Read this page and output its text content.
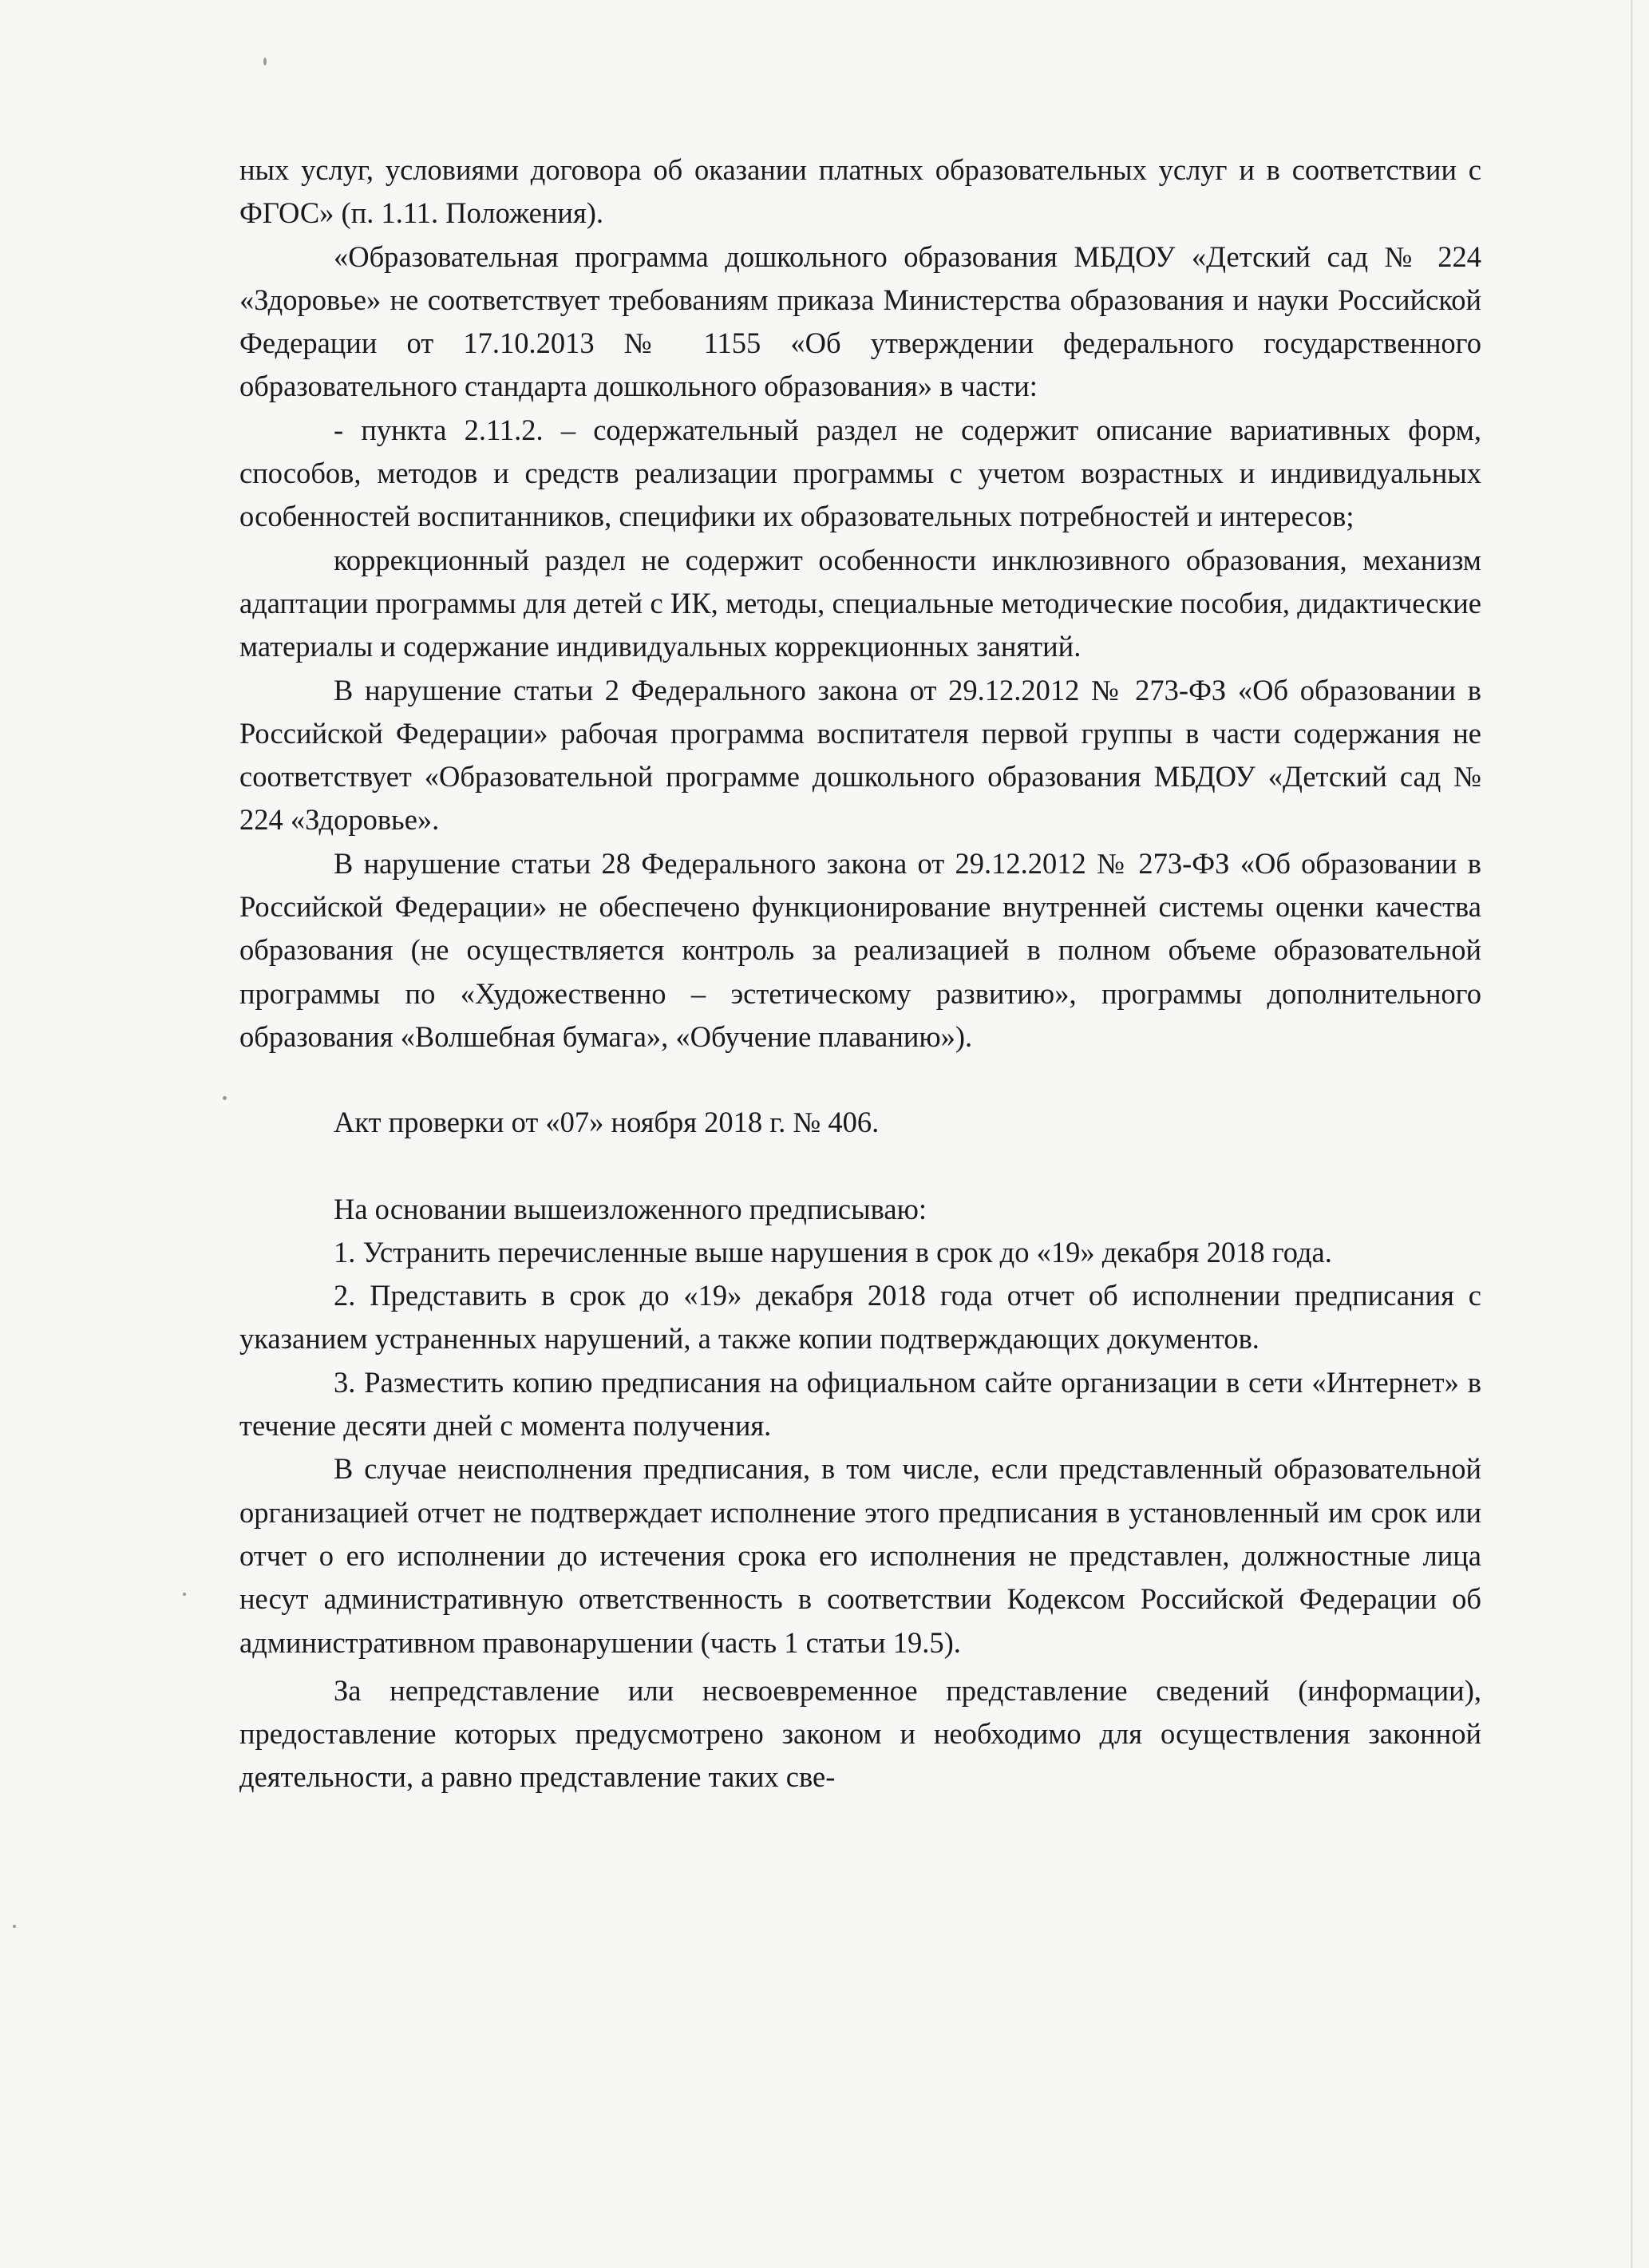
ных услуг, условиями договора об оказании платных образовательных услуг и в соответствии с ФГОС» (п. 1.11. Положения).

«Образовательная программа дошкольного образования МБДОУ «Детский сад № 224 «Здоровье» не соответствует требованиям приказа Министерства образования и науки Российской Федерации от 17.10.2013 № 1155 «Об утверждении федерального государственного образовательного стандарта дошкольного образования» в части:

- пункта 2.11.2. – содержательный раздел не содержит описание вариативных форм, способов, методов и средств реализации программы с учетом возрастных и индивидуальных особенностей воспитанников, специфики их образовательных потребностей и интересов;

коррекционный раздел не содержит особенности инклюзивного образования, механизм адаптации программы для детей с ИК, методы, специальные методические пособия, дидактические материалы и содержание индивидуальных коррекционных занятий.

В нарушение статьи 2 Федерального закона от 29.12.2012 № 273-ФЗ «Об образовании в Российской Федерации» рабочая программа воспитателя первой группы в части содержания не соответствует «Образовательной программе дошкольного образования МБДОУ «Детский сад № 224 «Здоровье».

В нарушение статьи 28 Федерального закона от 29.12.2012 № 273-ФЗ «Об образовании в Российской Федерации» не обеспечено функционирование внутренней системы оценки качества образования (не осуществляется контроль за реализацией в полном объеме образовательной программы по «Художественно – эстетическому развитию», программы дополнительного образования «Волшебная бумага», «Обучение плаванию»).

Акт проверки от «07» ноября 2018 г. № 406.

На основании вышеизложенного предписываю:

1. Устранить перечисленные выше нарушения в срок до «19» декабря 2018 года.

2. Представить в срок до «19» декабря 2018 года отчет об исполнении предписания с указанием устраненных нарушений, а также копии подтверждающих документов.

3. Разместить копию предписания на официальном сайте организации в сети «Интернет» в течение десяти дней с момента получения.

В случае неисполнения предписания, в том числе, если представленный образовательной организацией отчет не подтверждает исполнение этого предписания в установленный им срок или отчет о его исполнении до истечения срока его исполнения не представлен, должностные лица несут административную ответственность в соответствии Кодексом Российской Федерации об административном правонарушении (часть 1 статьи 19.5).

За непредставление или несвоевременное представление сведений (информации), предоставление которых предусмотрено законом и необходимо для осуществления законной деятельности, а равно представление таких све-
